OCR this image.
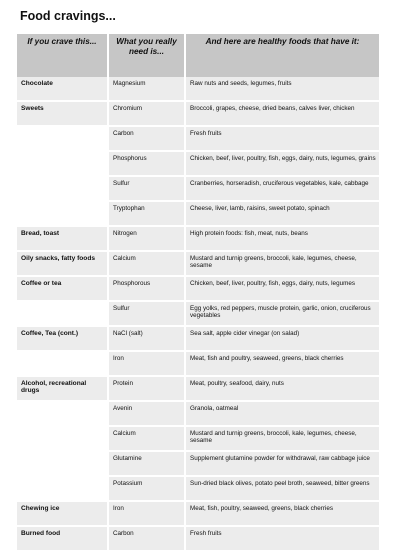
Food cravings...
If you crave this...	What you really need is...	And here are healthy foods that have it:
Chocolate	Magnesium	Raw nuts and seeds, legumes, fruits
Sweets	Chromium	Broccoli, grapes, cheese, dried beans, calves liver, chicken
	Carbon	Fresh fruits
	Phosphorus	Chicken, beef, liver, poultry, fish, eggs, dairy, nuts, legumes, grains
	Sulfur	Cranberries, horseradish, cruciferous vegetables, kale, cabbage
	Tryptophan	Cheese, liver, lamb, raisins, sweet potato, spinach
Bread, toast	Nitrogen	High protein foods: fish, meat, nuts, beans
Oily snacks, fatty foods	Calcium	Mustard and turnip greens, broccoli, kale, legumes, cheese, sesame
Coffee or tea	Phosphorous	Chicken, beef, liver, poultry, fish, eggs, dairy, nuts, legumes
	Sulfur	Egg yolks, red peppers, muscle protein, garlic, onion, cruciferous vegetables
Coffee, Tea (cont.)	NaCl (salt)	Sea salt, apple cider vinegar (on salad)
	Iron	Meat, fish and poultry, seaweed, greens, black cherries
Alcohol, recreational drugs	Protein	Meat, poultry, seafood, dairy, nuts
	Avenin	Granola, oatmeal
	Calcium	Mustard and turnip greens, broccoli, kale, legumes, cheese, sesame
	Glutamine	Supplement glutamine powder for withdrawal, raw cabbage juice
	Potassium	Sun-dried black olives, potato peel broth, seaweed, bitter greens
Chewing ice	Iron	Meat, fish, poultry, seaweed, greens, black cherries
Burned food	Carbon	Fresh fruits
